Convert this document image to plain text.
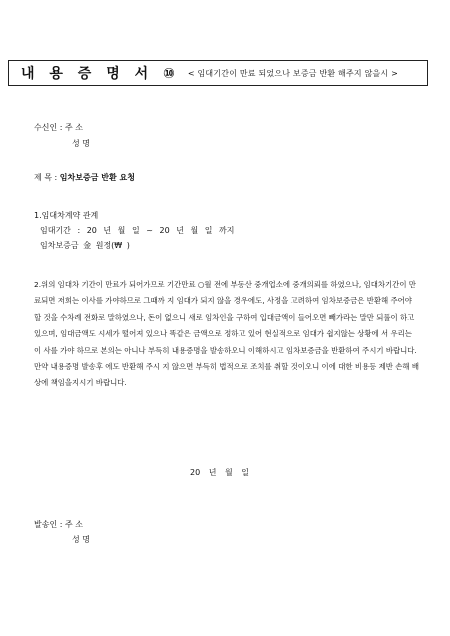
내 용 증 명 서 ⑩ < 임대기간이 만료 되었으나 보증금 반환 해주지 않을시 >
수신인 : 주 소
성 명
제 목 : 임차보증금 반환 요청
1.임대차계약 관계
임대기간 : 20 년 월 일 ~ 20 년 월 일 까지
임차보증금 金 원정(₩ )
2.위의 임대차 기간이 만료가 되어가므로 기간만료 ○월 전에 부동산 중개업소에 중개의뢰를 하였으나, 임대차기간이 만료되면 저희는 이사를 가야하므로 그때까 지 임대가 되지 않을 경우에도, 사정을 고려하여 임차보증금은 반환해 주어야 할 것을 수차례 전화로 말하였으나, 돈이 없으니 새로 임차인을 구하여 입대금액이 들어오면 빼가라는 말만 되풀이 하고 있으며, 임대금액도 시세가 떨어져 있으나 똑같은 금액으로 정하고 있어 현실적으로 임대가 쉽지않는 상황에 서 우리는 이 사를 가야 하므로 본의는 아니나 부득히 내용증명을 발송하오니 이해하시고 임차보증금을 반환하여 주시기 바랍니다. 만약 내용증명 발송후 에도 반환해 주시 지 않으면 부득히 법적으로 조치를 취할 것이오니 이에 대한 비용등 제반 손해 배상에 책임을지시기 바랍니다.
20 년 월 일
발송인 : 주 소
성 명
